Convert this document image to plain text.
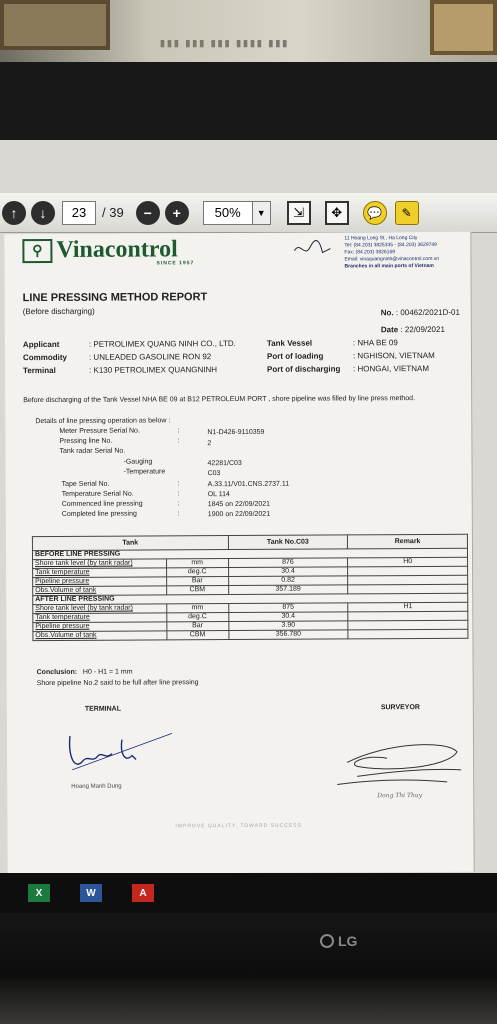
▮▮▮ ▮▮▮ ▮▮▮ ▮▮▮▮ ▮▮▮
↑	↓	23	/ 39	−	+	50%	▼	⇲	✥	💬	✎
⚲ Vinacontrol
SINCE 1957
11 Hoang Long St., Ha Long City
Tel: (84.203) 3825335 - (84.203) 3629749
Fax: (84.203) 3826169
Email: vinaquangninh@vinacontrol.com.vn
Branches in all main ports of Vietnam
LINE PRESSING METHOD REPORT
(Before discharging)	No. : 00462/2021D-01
Date : 22/09/2021
Applicant	: PETROLIMEX QUANG NINH CO., LTD.
Commodity	: UNLEADED GASOLINE RON 92
Terminal	: K130 PETROLIMEX QUANGNINH
Tank Vessel	: NHA BE 09
Port of loading	: NGHISON, VIETNAM
Port of discharging : HONGAI, VIETNAM
Before discharging of the Tank Vessel NHA BE 09 at B12 PETROLEUM PORT , shore pipeline was filled by line press method.
Details of line pressing operation as below :
Meter Pressure Serial No.	:	N1-D426-9110359
Pressing line No.	:	2
Tank radar Serial No.
-Gauging	42281/C03
-Temperature	C03
Tape Serial No.	:	A.33.11/V01.CNS.2737.11
Temperature Serial No.	:	OL 114
Commenced line pressing	:	1845 on 22/09/2021
Completed line pressing	:	1900 on 22/09/2021
Tank		Tank No.C03	Remark
BEFORE LINE PRESSING			
Shore tank level (by tank radar)	mm	876	H0
Tank temperature	deg.C	30.4	
Pipeline pressure	Bar	0.82	
Obs.Volume of tank	CBM	357.189	
AFTER LINE PRESSING			
Shore tank level (by tank radar)	mm	875	H1
Tank temperature	deg.C	30.4	
Pipeline pressure	Bar	3.90	
Obs.Volume of tank	CBM	356.780	
Conclusion: H0 - H1 = 1 mm
Shore pipeline No.2 said to be full after line pressing
TERMINAL	SURVEYOR
Hoang Manh Dung
Dong Thi Thuy
IMPROVE QUALITY, TOWARD SUCCESS
X	W	A
LG
